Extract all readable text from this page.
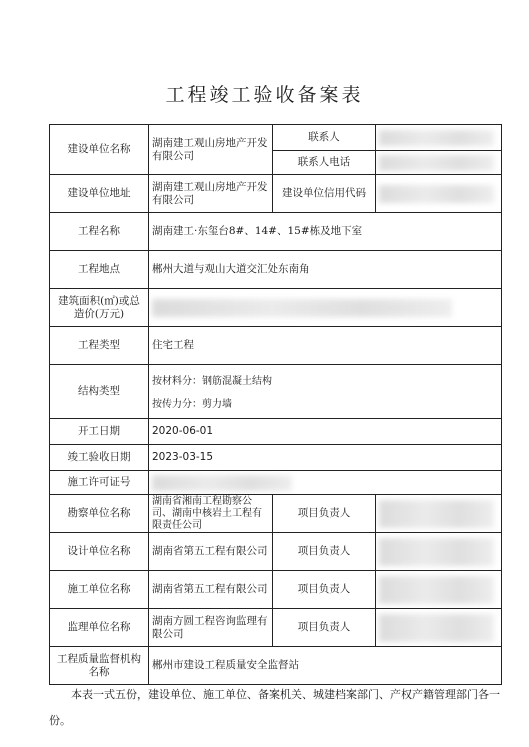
工程竣工验收备案表
建设单位名称	湖南建工观山房地产开发有限公司	联系人	

		联系人电话	

建设单位地址	湖南建工观山房地产开发有限公司	建设单位信用代码	

工程名称	湖南建工·东玺台8#、14#、15#栋及地下室		
工程地点	郴州大道与观山大道交汇处东南角		
建筑面积(㎡)或总造价(万元)			

工程类型	住宅工程		
结构类型	按材料分：钢筋混凝土结构
按传力分：剪力墙		

开工日期	2020-06-01		
竣工验收日期	2023-03-15		
施工许可证号			

勘察单位名称	湖南省湘南工程勘察公司、湖南中核岩土工程有限责任公司	项目负责人	

设计单位名称	湖南省第五工程有限公司	项目负责人	

施工单位名称	湖南省第五工程有限公司	项目负责人	

监理单位名称	湖南方圆工程咨询监理有限公司	项目负责人	

工程质量监督机构名称	郴州市建设工程质量安全监督站		
本表一式五份，建设单位、施工单位、备案机关、城建档案部门、产权产籍管理部门各一份。
